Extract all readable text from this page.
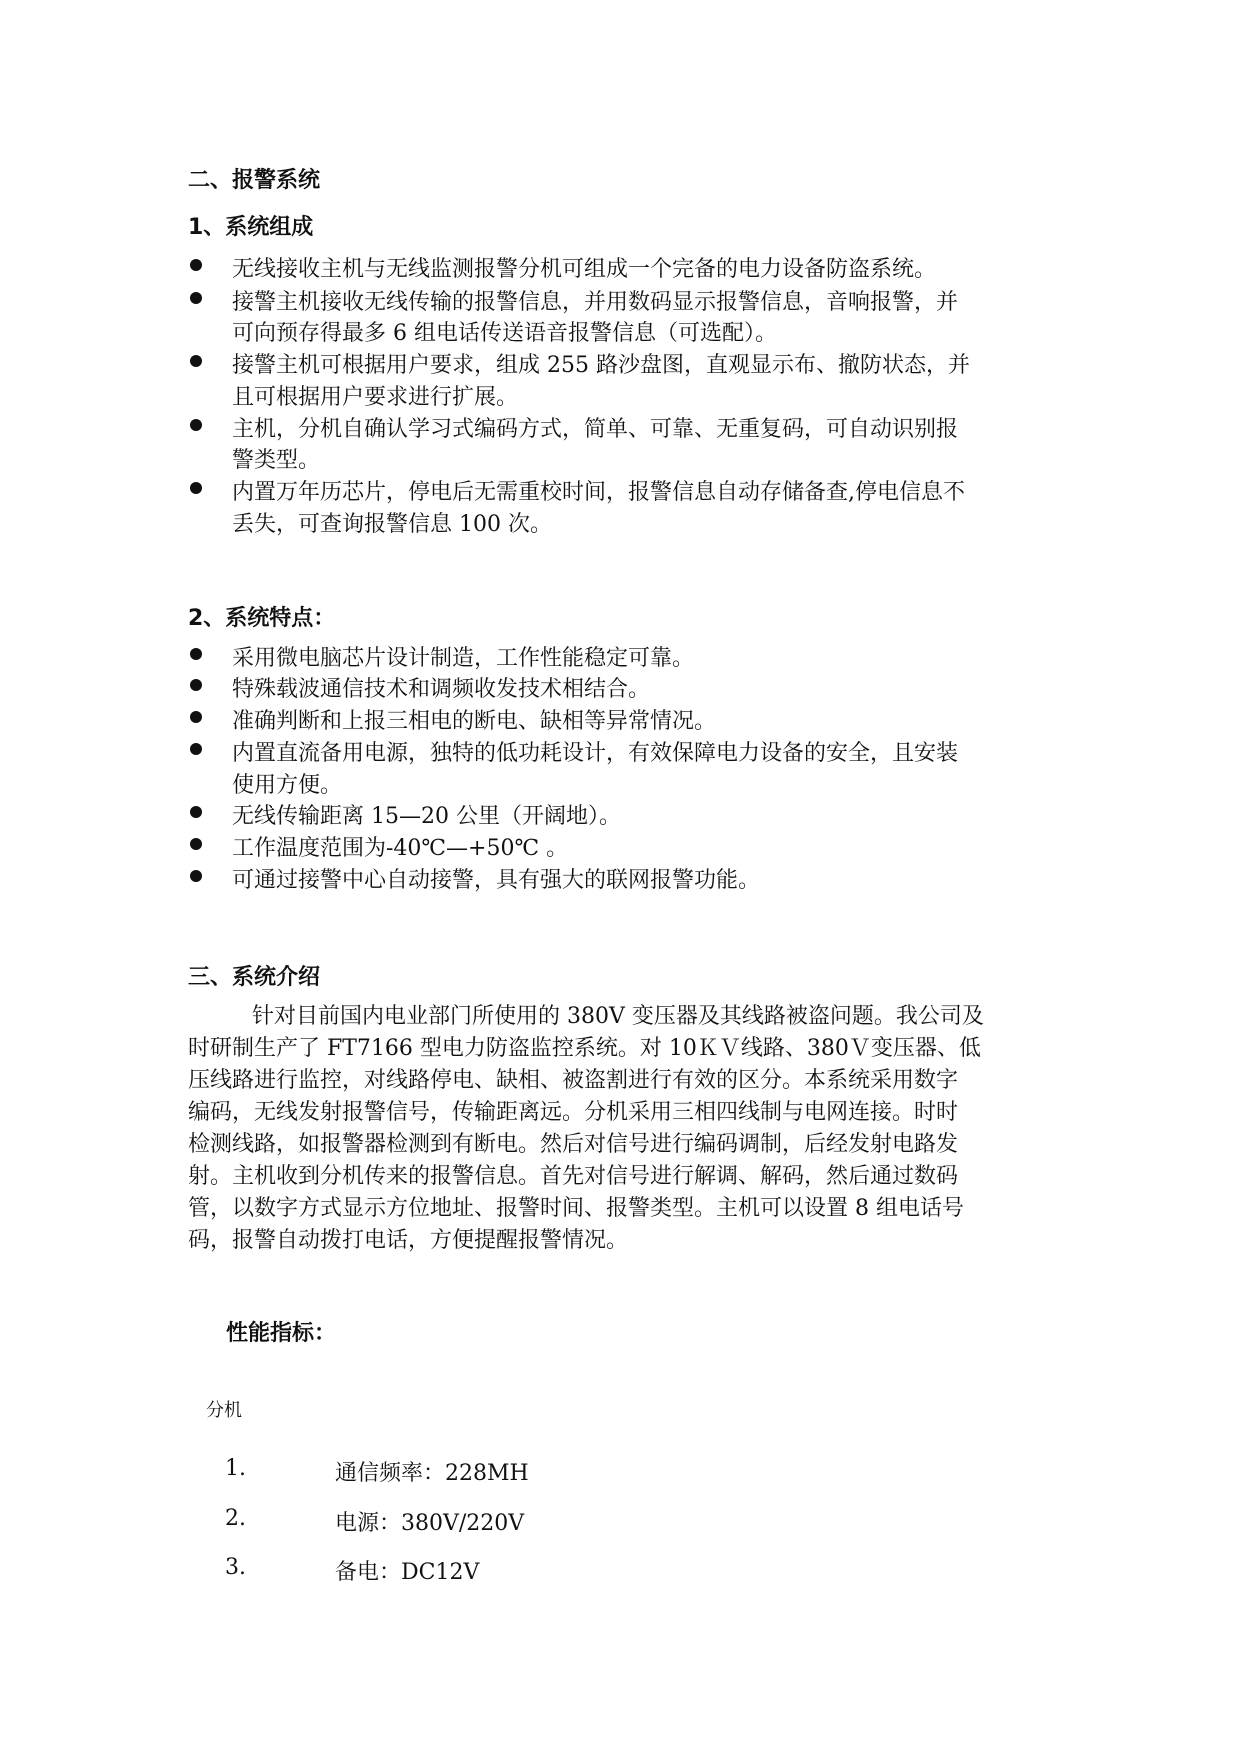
二、报警系统
1、系统组成
无线接收主机与无线监测报警分机可组成一个完备的电力设备防盗系统。
接警主机接收无线传输的报警信息，并用数码显示报警信息，音响报警，并
可向预存得最多 6 组电话传送语音报警信息（可选配）。
接警主机可根据用户要求，组成 255 路沙盘图，直观显示布、撤防状态，并
且可根据用户要求进行扩展。
主机，分机自确认学习式编码方式，简单、可靠、无重复码，可自动识别报
警类型。
内置万年历芯片，停电后无需重校时间，报警信息自动存储备查,停电信息不
丢失，可查询报警信息 100 次。
2、系统特点：
采用微电脑芯片设计制造，工作性能稳定可靠。
特殊载波通信技术和调频收发技术相结合。
准确判断和上报三相电的断电、缺相等异常情况。
内置直流备用电源，独特的低功耗设计，有效保障电力设备的安全，且安装
使用方便。
无线传输距离 15—20 公里（开阔地）。
工作温度范围为-40℃—+50℃ 。
可通过接警中心自动接警，具有强大的联网报警功能。
三、系统介绍
针对目前国内电业部门所使用的 380V 变压器及其线路被盗问题。我公司及
时研制生产了 FT7166 型电力防盗监控系统。对 10ＫＶ线路、380Ｖ变压器、低
压线路进行监控，对线路停电、缺相、被盗割进行有效的区分。本系统采用数字
编码，无线发射报警信号，传输距离远。分机采用三相四线制与电网连接。时时
检测线路，如报警器检测到有断电。然后对信号进行编码调制，后经发射电路发
射。主机收到分机传来的报警信息。首先对信号进行解调、解码，然后通过数码
管，以数字方式显示方位地址、报警时间、报警类型。主机可以设置 8 组电话号
码，报警自动拨打电话，方便提醒报警情况。
性能指标：
分机
1.	通信频率：228MH
2.	电源：380V/220V
3.	备电：DC12V
